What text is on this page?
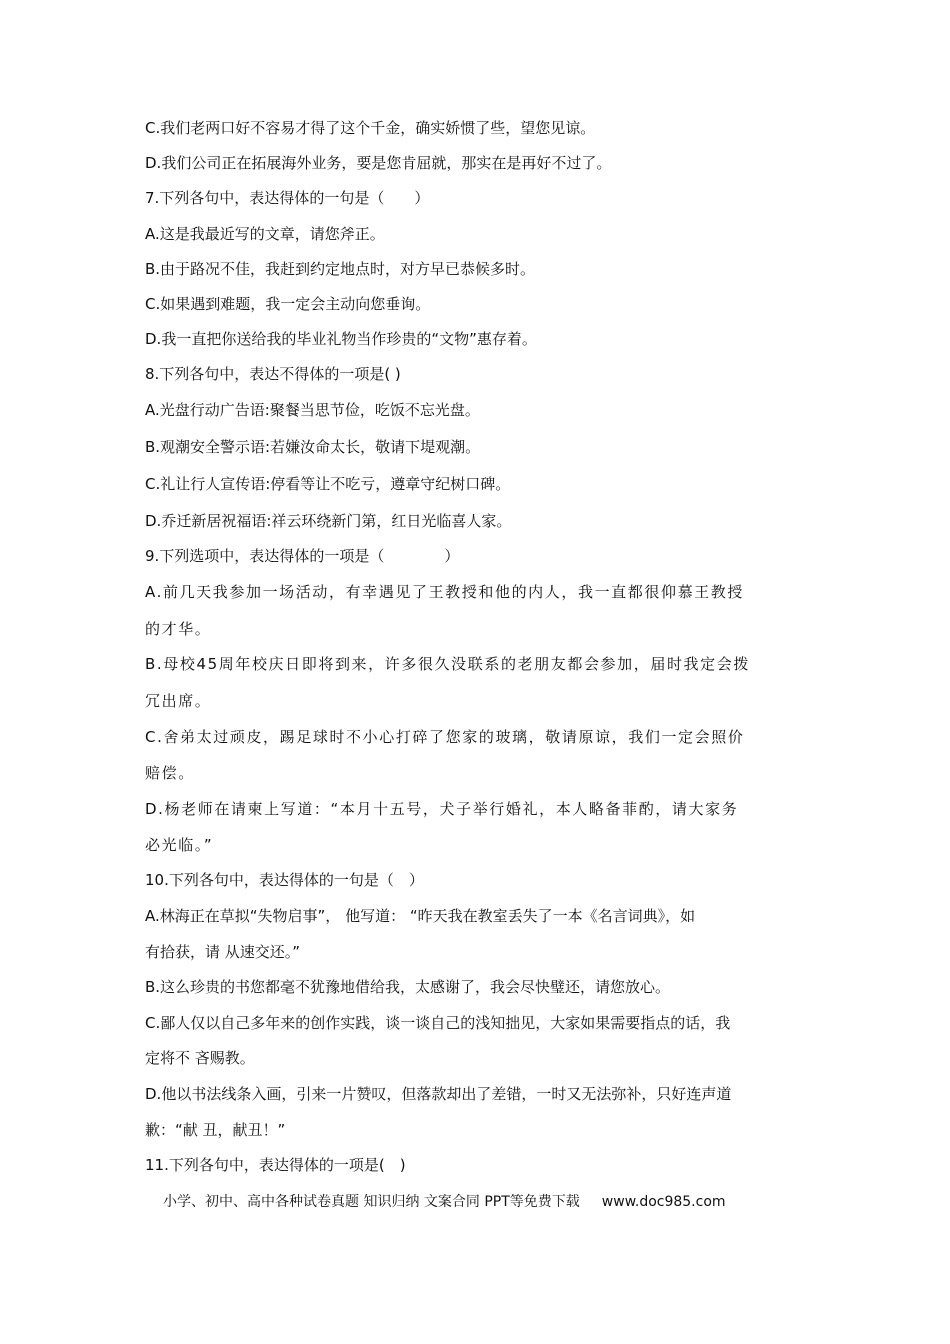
C.我们老两口好不容易才得了这个千金，确实娇惯了些，望您见谅。
D.我们公司正在拓展海外业务，要是您肯屈就，那实在是再好不过了。
7.下列各句中，表达得体的一句是（　　）
A.这是我最近写的文章，请您斧正。
B.由于路况不佳，我赶到约定地点时，对方早已恭候多时。
C.如果遇到难题，我一定会主动向您垂询。
D.我一直把你送给我的毕业礼物当作珍贵的“文物”惠存着。
8.下列各句中，表达不得体的一项是( )
A.光盘行动广告语:聚餐当思节俭，吃饭不忘光盘。
B.观潮安全警示语:若嫌汝命太长，敬请下堤观潮。
C.礼让行人宣传语:停看等让不吃亏，遵章守纪树口碑。
D.乔迁新居祝福语:祥云环绕新门第，红日光临喜人家。
9.下列选项中，表达得体的一项是（　　　　）
A.前几天我参加一场活动，有幸遇见了王教授和他的内人，我一直都很仰慕王教授
的才华。
B.母校45周年校庆日即将到来，许多很久没联系的老朋友都会参加，届时我定会拨
冗出席。
C.舍弟太过顽皮，踢足球时不小心打碎了您家的玻璃，敬请原谅，我们一定会照价
赔偿。
D.杨老师在请柬上写道：“本月十五号，犬子举行婚礼，本人略备菲酌，请大家务
必光临。”
10.下列各句中，表达得体的一句是（　）
A.林海正在草拟“失物启事”， 他写道： “昨天我在教室丢失了一本《名言词典》，如
有拾获，请 从速交还。”
B.这么珍贵的书您都毫不犹豫地借给我，太感谢了，我会尽快璧还，请您放心。
C.鄙人仅以自己多年来的创作实践，谈一谈自己的浅知拙见，大家如果需要指点的话，我
定将不 吝赐教。
D.他以书法线条入画，引来一片赞叹，但落款却出了差错，一时又无法弥补，只好连声道
歉：“献 丑，献丑！”
11.下列各句中，表达得体的一项是(　)
小学、初中、高中各种试卷真题 知识归纳 文案合同 PPT等免费下载 www.doc985.com
